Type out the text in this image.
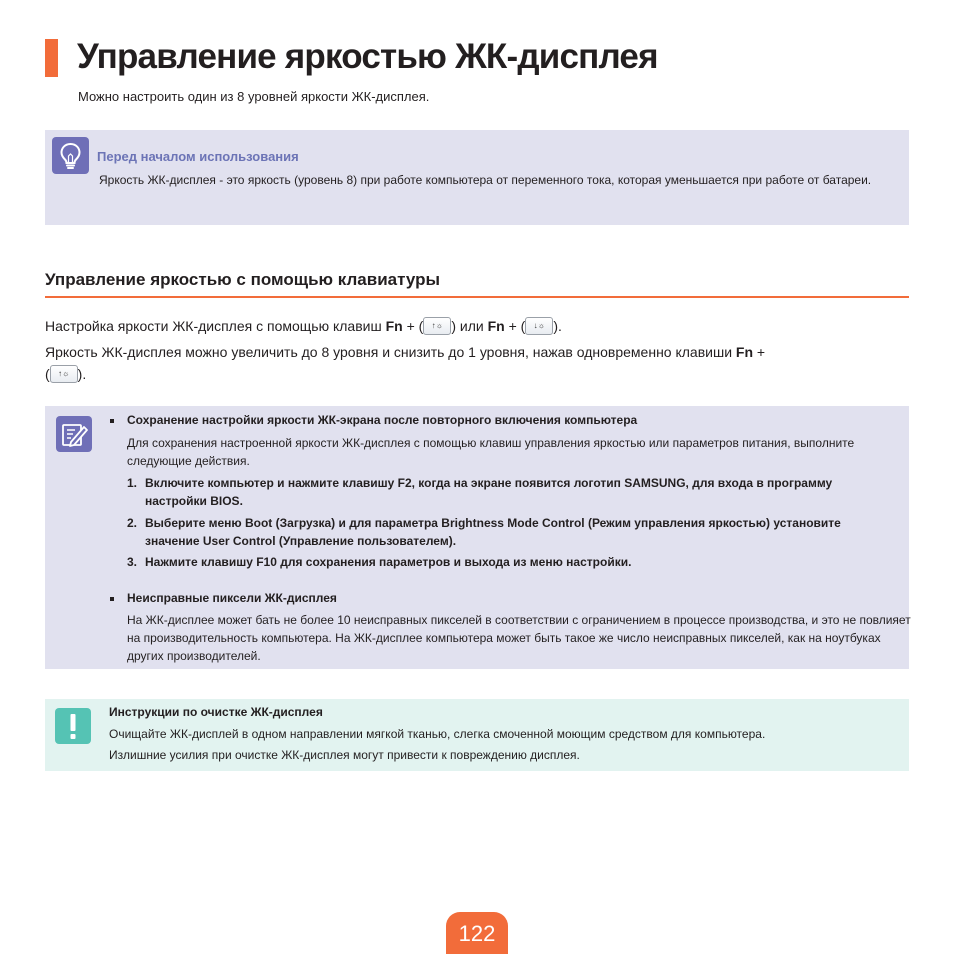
Управление яркостью ЖК-дисплея
Можно настроить один из 8 уровней яркости ЖК-дисплея.
Перед началом использования
Яркость ЖК-дисплея - это яркость (уровень 8) при работе компьютера от переменного тока, которая уменьшается при работе от батареи.
Управление яркостью с помощью клавиатуры
Настройка яркости ЖК-дисплея с помощью клавиш Fn + ( ↑☼ ) или Fn + ( ↓☼ ).
Яркость ЖК-дисплея можно увеличить до 8 уровня и снизить до 1 уровня, нажав одновременно клавиши Fn +
( ↑☼ ).
Сохранение настройки яркости ЖК-экрана после повторного включения компьютера
Для сохранения настроенной яркости ЖК-дисплея с помощью клавиш управления яркостью или параметров питания, выполните следующие действия.
1. Включите компьютер и нажмите клавишу F2, когда на экране появится логотип SAMSUNG, для входа в программу настройки BIOS.
2. Выберите меню Boot (Загрузка) и для параметра Brightness Mode Control (Режим управления яркостью) установите значение User Control (Управление пользователем).
3. Нажмите клавишу F10 для сохранения параметров и выхода из меню настройки.
Неисправные пиксели ЖК-дисплея
На ЖК-дисплее может бать не более 10 неисправных пикселей в соответствии с ограничением в процессе производства, и это не повлияет на производительность компьютера. На ЖК-дисплее компьютера может быть такое же число неисправных пикселей, как на ноутбуках других производителей.
Инструкции по очистке ЖК-дисплея
Очищайте ЖК-дисплей в одном направлении мягкой тканью, слегка смоченной моющим средством для компьютера.
Излишние усилия при очистке ЖК-дисплея могут привести к повреждению дисплея.
122
